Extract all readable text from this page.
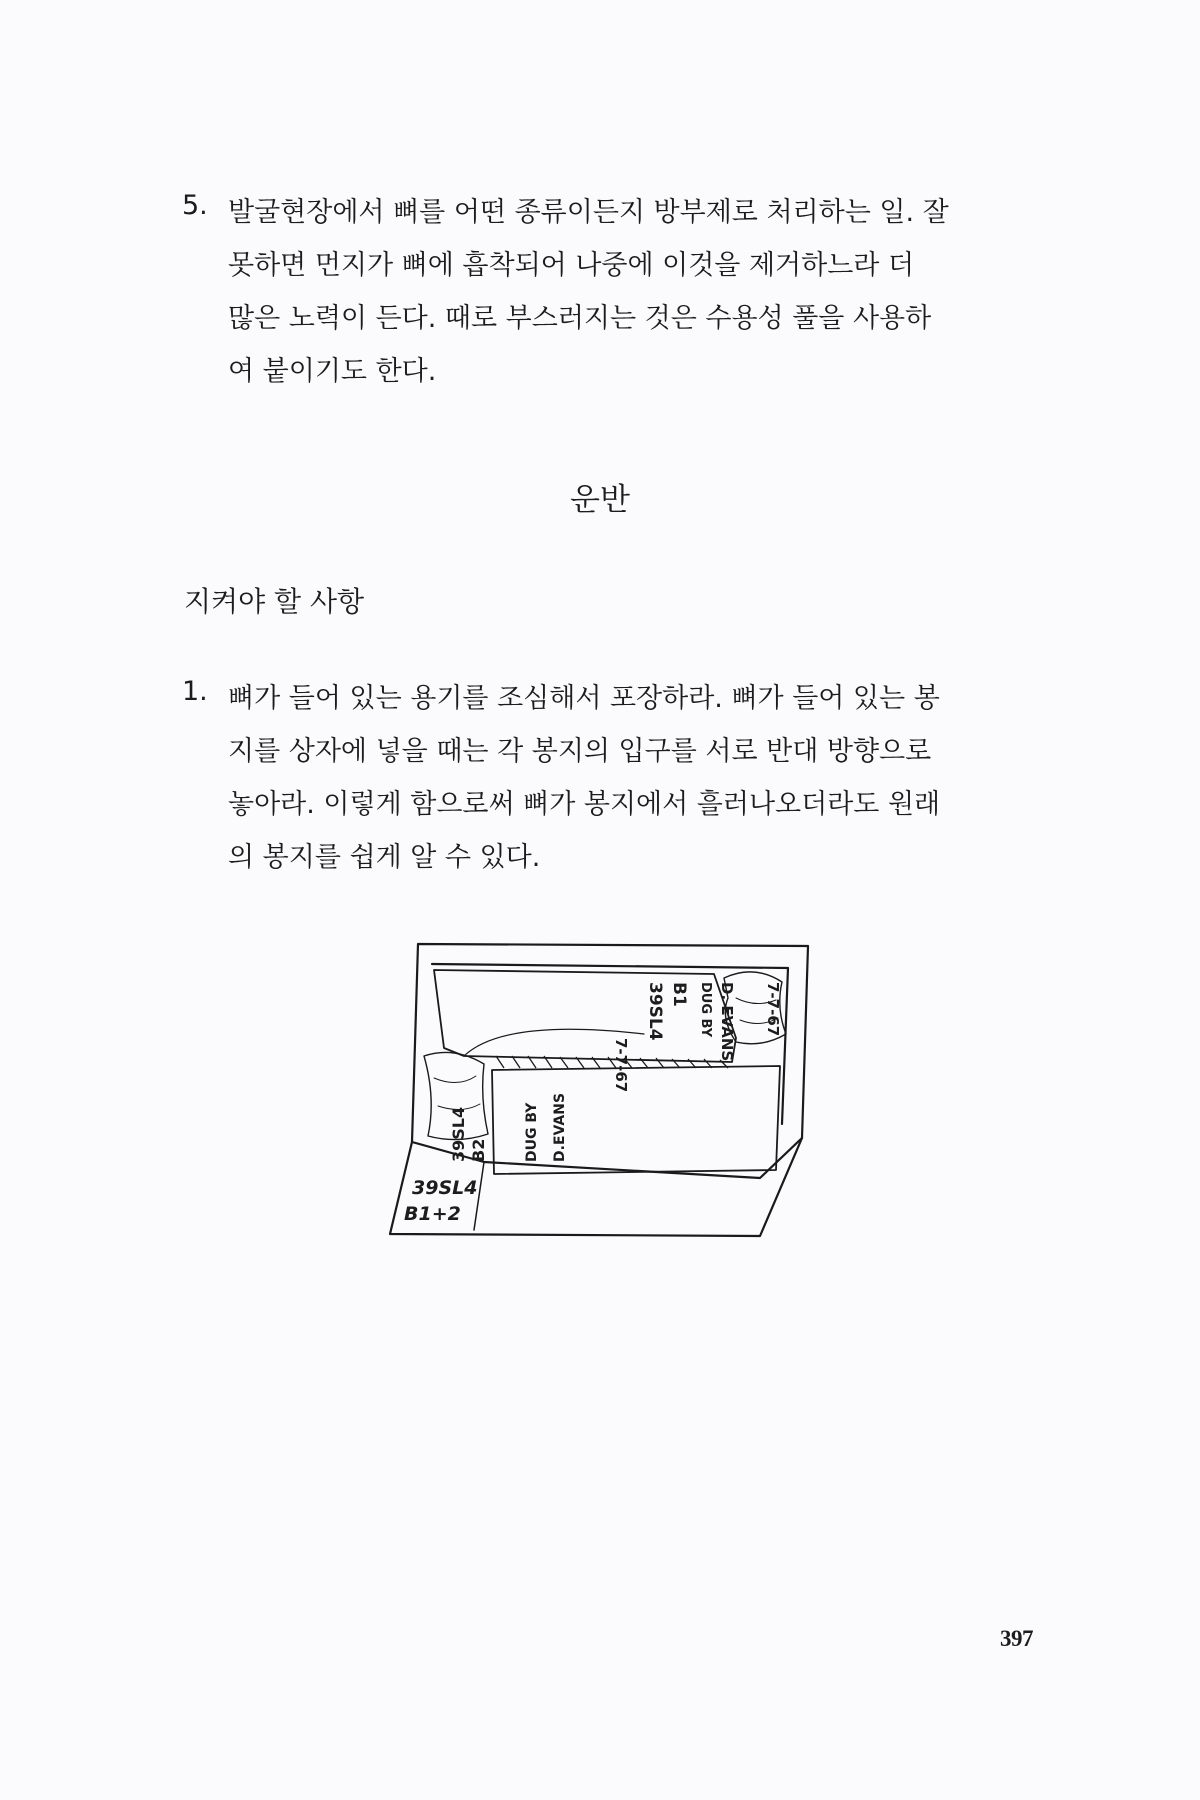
5. 발굴현장에서 뼈를 어떤 종류이든지 방부제로 처리하는 일. 잘
못하면 먼지가 뼈에 흡착되어 나중에 이것을 제거하느라 더
많은 노력이 든다. 때로 부스러지는 것은 수용성 풀을 사용하
여 붙이기도 한다.
운반
지켜야 할 사항
1. 뼈가 들어 있는 용기를 조심해서 포장하라. 뼈가 들어 있는 봉
지를 상자에 넣을 때는 각 봉지의 입구를 서로 반대 방향으로
놓아라. 이렇게 함으로써 뼈가 봉지에서 흘러나오더라도 원래
의 봉지를 쉽게 알 수 있다.
39SL4 B1 DUG BY D. EVANS 7-7-67
39SL4 B2	DUG BY D.EVANS
7-7-67
39SL4
B1+2
397
